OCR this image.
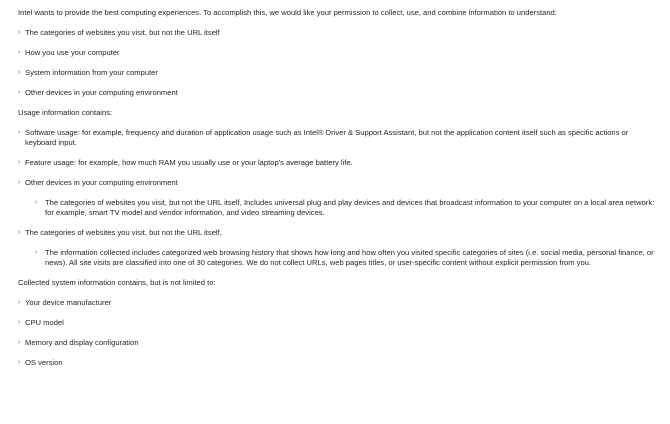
Intel wants to provide the best computing experiences. To accomplish this, we would like your permission to collect, use, and combine information to understand:

› The categories of websites you visit, but not the URL itself
› How you use your computer
› System information from your computer
› Other devices in your computing environment

Usage information contains:

› Software usage: for example, frequency and duration of application usage such as Intel® Driver & Support Assistant, but not the application content itself such as specific actions or keyboard input.
› Feature usage: for example, how much RAM you usually use or your laptop's average battery life.
› Other devices in your computing environment
› The categories of websites you visit, but not the URL itself, Includes universal plug and play devices and devices that broadcast information to your computer on a local area network: for example, smart TV model and vendor information, and video streaming devices.
› The categories of websites you visit, but not the URL itself,
› The information collected includes categorized web browsing history that shows how long and how often you visited specific categories of sites (i.e. social media, personal finance, or news). All site visits are classified into one of 30 categories. We do not collect URLs, web pages titles, or user-specific content without explicit permission from you.

Collected system information contains, but is not limited to:

› Your device manufacturer
› CPU model
› Memory and display configuration
› OS version
